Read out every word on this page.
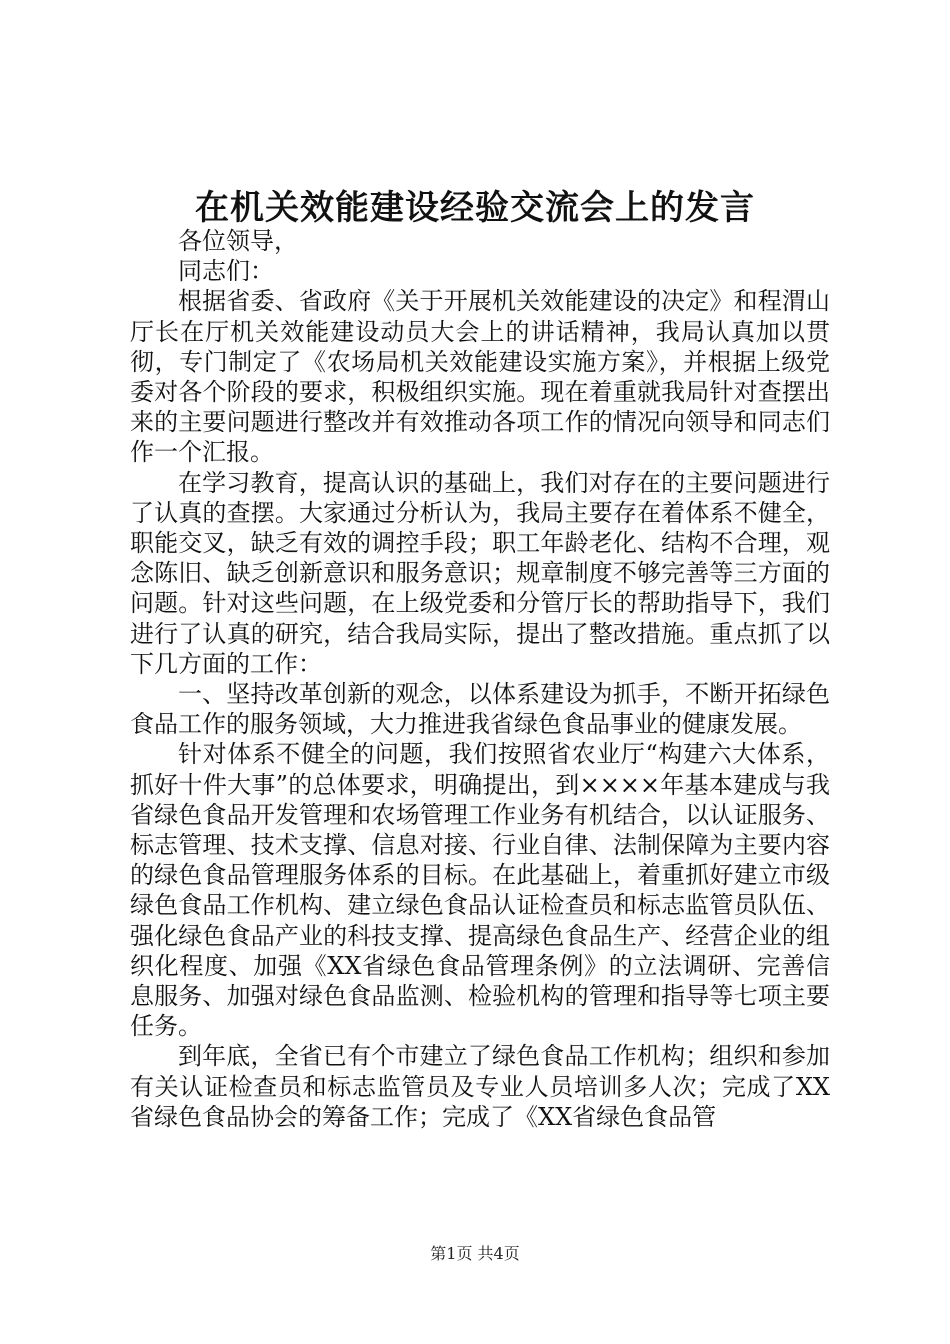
在机关效能建设经验交流会上的发言

各位领导，

同志们：

根据省委、省政府《关于开展机关效能建设的决定》和程渭山厅长在厅机关效能建设动员大会上的讲话精神，我局认真加以贯彻，专门制定了《农场局机关效能建设实施方案》，并根据上级党委对各个阶段的要求，积极组织实施。现在着重就我局针对查摆出来的主要问题进行整改并有效推动各项工作的情况向领导和同志们作一个汇报。

在学习教育，提高认识的基础上，我们对存在的主要问题进行了认真的查摆。大家通过分析认为，我局主要存在着体系不健全，职能交叉，缺乏有效的调控手段；职工年龄老化、结构不合理，观念陈旧、缺乏创新意识和服务意识；规章制度不够完善等三方面的问题。针对这些问题，在上级党委和分管厅长的帮助指导下，我们进行了认真的研究，结合我局实际，提出了整改措施。重点抓了以下几方面的工作：

一、坚持改革创新的观念，以体系建设为抓手，不断开拓绿色食品工作的服务领域，大力推进我省绿色食品事业的健康发展。

针对体系不健全的问题，我们按照省农业厅“构建六大体系，抓好十件大事”的总体要求，明确提出，到××××年基本建成与我省绿色食品开发管理和农场管理工作业务有机结合，以认证服务、标志管理、技术支撑、信息对接、行业自律、法制保障为主要内容的绿色食品管理服务体系的目标。在此基础上，着重抓好建立市级绿色食品工作机构、建立绿色食品认证检查员和标志监管员队伍、强化绿色食品产业的科技支撑、提高绿色食品生产、经营企业的组织化程度、加强《XX省绿色食品管理条例》的立法调研、完善信息服务、加强对绿色食品监测、检验机构的管理和指导等七项主要任务。

到年底，全省已有个市建立了绿色食品工作机构；组织和参加有关认证检查员和标志监管员及专业人员培训多人次；完成了XX省绿色食品协会的筹备工作；完成了《XX省绿色食品管

第1页 共4页
